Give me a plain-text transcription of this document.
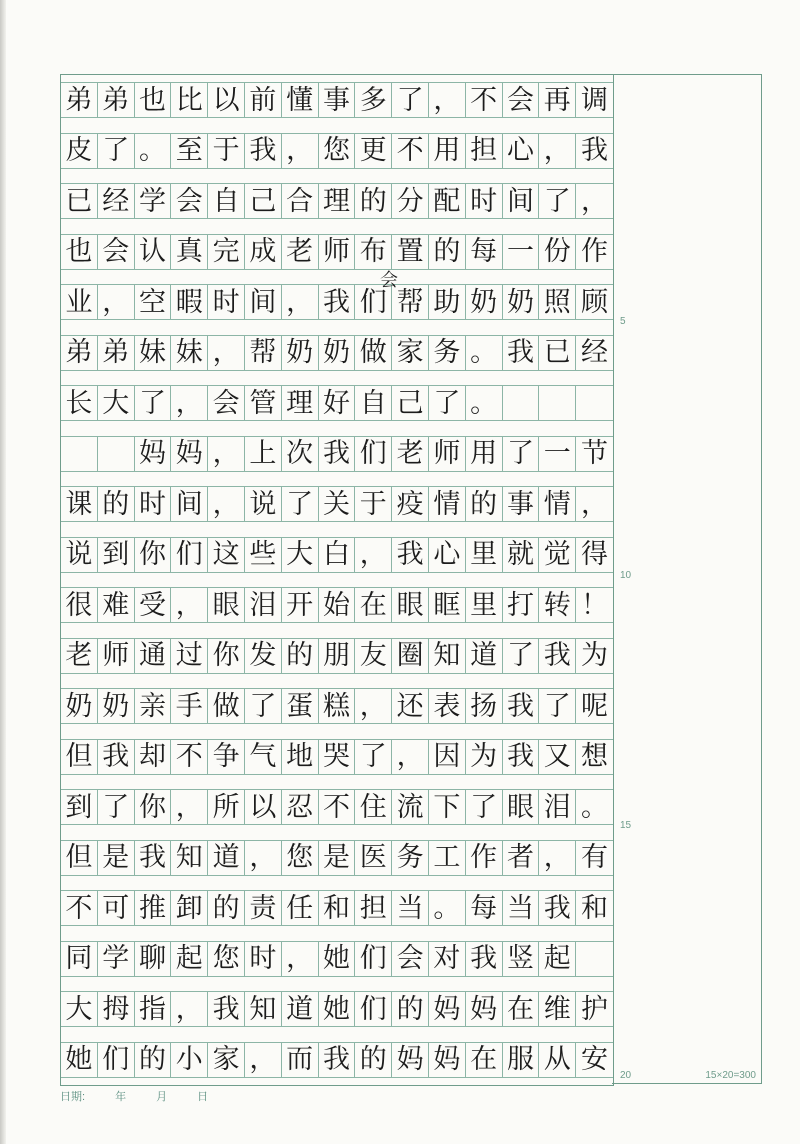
弟 弟 也 比 以 前 懂 事 多 了 ， 不 会 再 调
皮 了 。 至 于 我 ， 您 更 不 用 担 心 ， 我
已 经 学 会 自 己 合 理 的 分 配 时 间 了 ，
也 会 认 真 完 成 老 师 布 置 的 每 一 份 作
业 ， 空 暇 时 间 ， 我 们 帮 助 奶 奶 照 顾
弟 弟 妹 妹 ， 帮 奶 奶 做 家 务 。 我 已 经
长 大 了 ， 会 管 理 好 自 己 了 。
妈 妈 ， 上 次 我 们 老 师 用 了 一 节
课 的 时 间 ， 说 了 关 于 疫 情 的 事 情 ，
说 到 你 们 这 些 大 白 ， 我 心 里 就 觉 得
很 难 受 ， 眼 泪 开 始 在 眼 眶 里 打 转 ！
老 师 通 过 你 发 的 朋 友 圈 知 道 了 我 为
奶 奶 亲 手 做 了 蛋 糕 ， 还 表 扬 我 了 呢
但 我 却 不 争 气 地 哭 了 ， 因 为 我 又 想
到 了 你 ， 所 以 忍 不 住 流 下 了 眼 泪 。
但 是 我 知 道 ， 您 是 医 务 工 作 者 ， 有
不 可 推 卸 的 责 任 和 担 当 。 每 当 我 和
同 学 聊 起 您 时 ， 她 们 会 对 我 竖 起
大 拇 指 ， 我 知 道 她 们 的 妈 妈 在 维 护
她 们 的 小 家 ， 而 我 的 妈 妈 在 服 从 安
会
5
10
15
20	15×20=300
日期:	年	月	日
